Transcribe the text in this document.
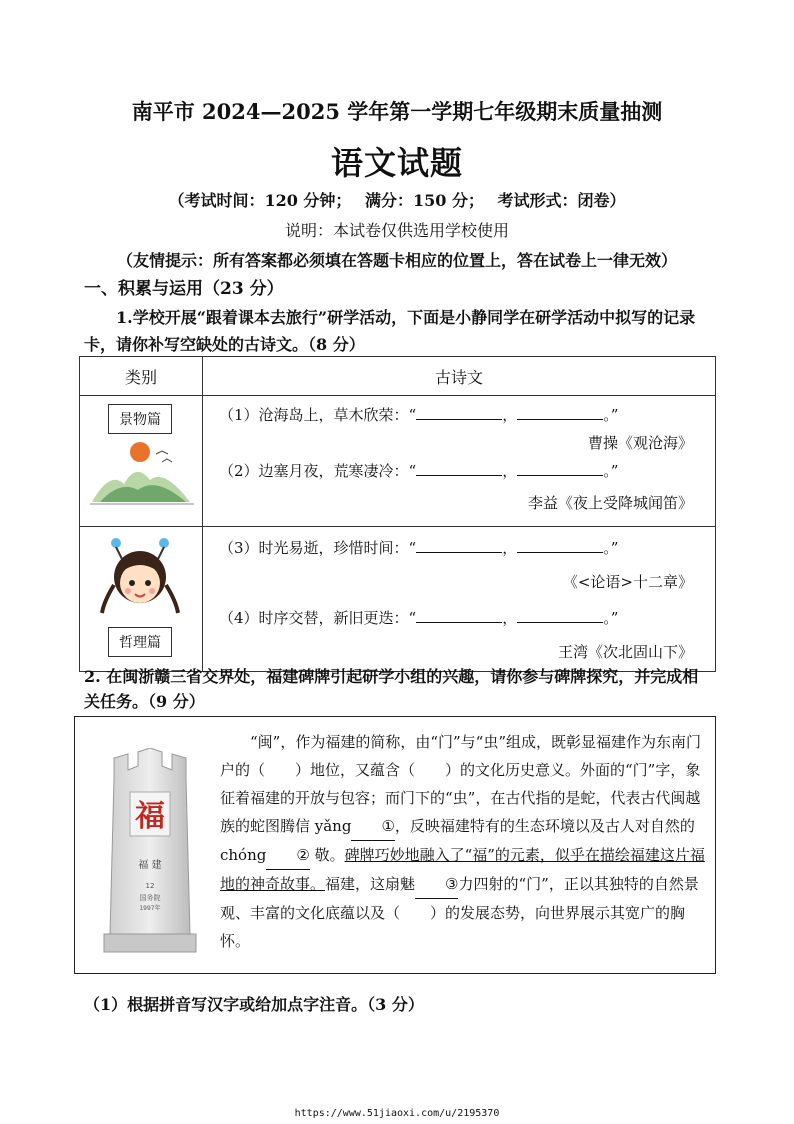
南平市 2024—2025 学年第一学期七年级期末质量抽测
语文试题
（考试时间：120 分钟；　 满分：150 分；　 考试形式：闭卷）
说明：本试卷仅供选用学校使用
（友情提示：所有答案都必须填在答题卡相应的位置上，答在试卷上一律无效）
一、积累与运用（23 分）
1.学校开展“跟着课本去旅行”研学活动，下面是小静同学在研学活动中拟写的记录卡，请你补写空缺处的古诗文。（8 分）
类别	古诗文

景物篇	（1）沧海岛上，草木欣荣：“ ， 。”
曹操《观沧海》
（2）边塞月夜，荒寒凄冷：“ ， 。”
李益《夜上受降城闻笛》

哲理篇	（3）时光易逝，珍惜时间：“ ， 。”
《<论语>十二章》
（4）时序交替，新旧更迭：“ ， 。”
王湾《次北固山下》
2. 在闽浙赣三省交界处，福建碑牌引起研学小组的兴趣，请你参与碑牌探究，并完成相关任务。（9 分）
福
福 建
12
国务院
1997年
“闽”，作为福建的简称，由“门”与“虫”组成，既彰显福建作为东南门户的（　　）地位，又蕴含（　　）的文化历史意义。外面的“门”字，象征着福建的开放与包容；而门下的“虫”，在古代指的是蛇，代表古代闽越族的蛇图腾信 yǎng ①，反映福建特有的生态环境以及古人对自然的 chóng ② 敬。碑牌巧妙地融入了“福”的元素，似乎在描绘福建这片福地的神奇故事。福建，这扇魅 ③力四射的“门”，正以其独特的自然景观、丰富的文化底蕴以及（　　）的发展态势，向世界展示其宽广的胸怀。
（1）根据拼音写汉字或给加点字注音。（3 分）
https://www.51jiaoxi.com/u/2195370
